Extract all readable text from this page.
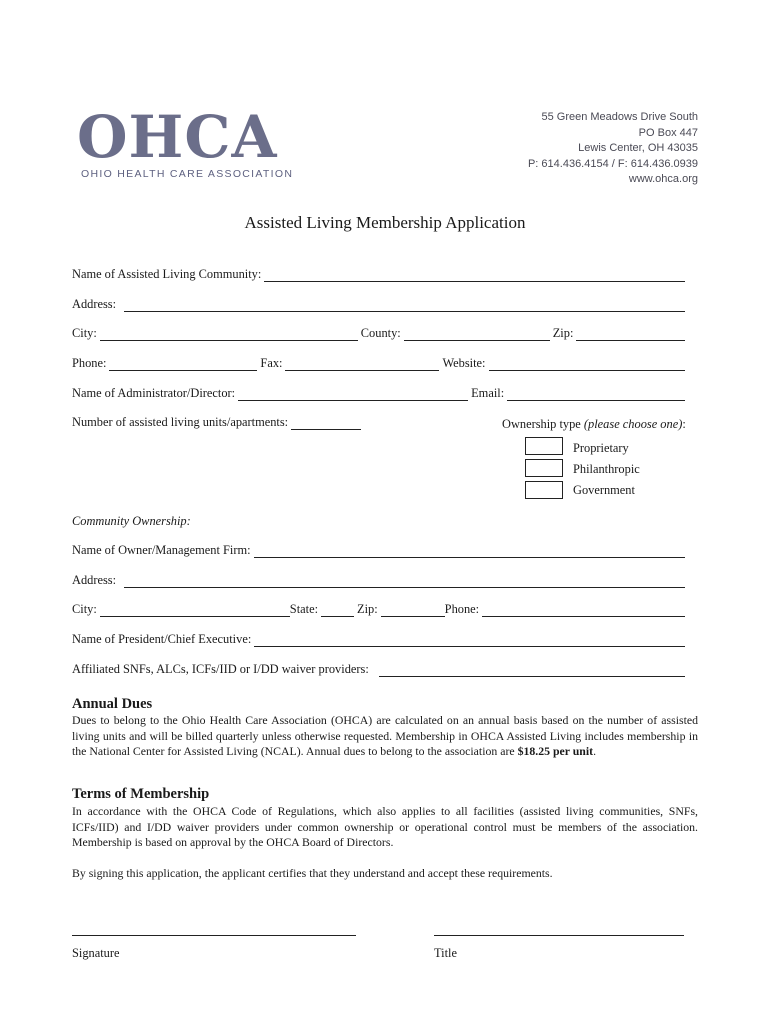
OHCA
OHIO HEALTH CARE ASSOCIATION
55 Green Meadows Drive South
PO Box 447
Lewis Center, OH 43035
P: 614.436.4154 / F: 614.436.0939
www.ohca.org
Assisted Living Membership Application
Name of Assisted Living Community:
Address:
City:	County:	Zip:
Phone:	Fax:	Website:
Name of Administrator/Director:	Email:
Number of assisted living units/apartments:	Ownership type (please choose one):
Proprietary
Philanthropic
Government
Community Ownership:
Name of Owner/Management Firm:
Address:
City:	State:	Zip:	Phone:
Name of President/Chief Executive:
Affiliated SNFs, ALCs, ICFs/IID or I/DD waiver providers:
Annual Dues
Dues to belong to the Ohio Health Care Association (OHCA) are calculated on an annual basis based on the number of assisted living units and will be billed quarterly unless otherwise requested. Membership in OHCA Assisted Living includes membership in the National Center for Assisted Living (NCAL). Annual dues to belong to the association are $18.25 per unit.
Terms of Membership
In accordance with the OHCA Code of Regulations, which also applies to all facilities (assisted living communities, SNFs, ICFs/IID) and I/DD waiver providers under common ownership or operational control must be members of the association. Membership is based on approval by the OHCA Board of Directors.
By signing this application, the applicant certifies that they understand and accept these requirements.
Signature	Title
